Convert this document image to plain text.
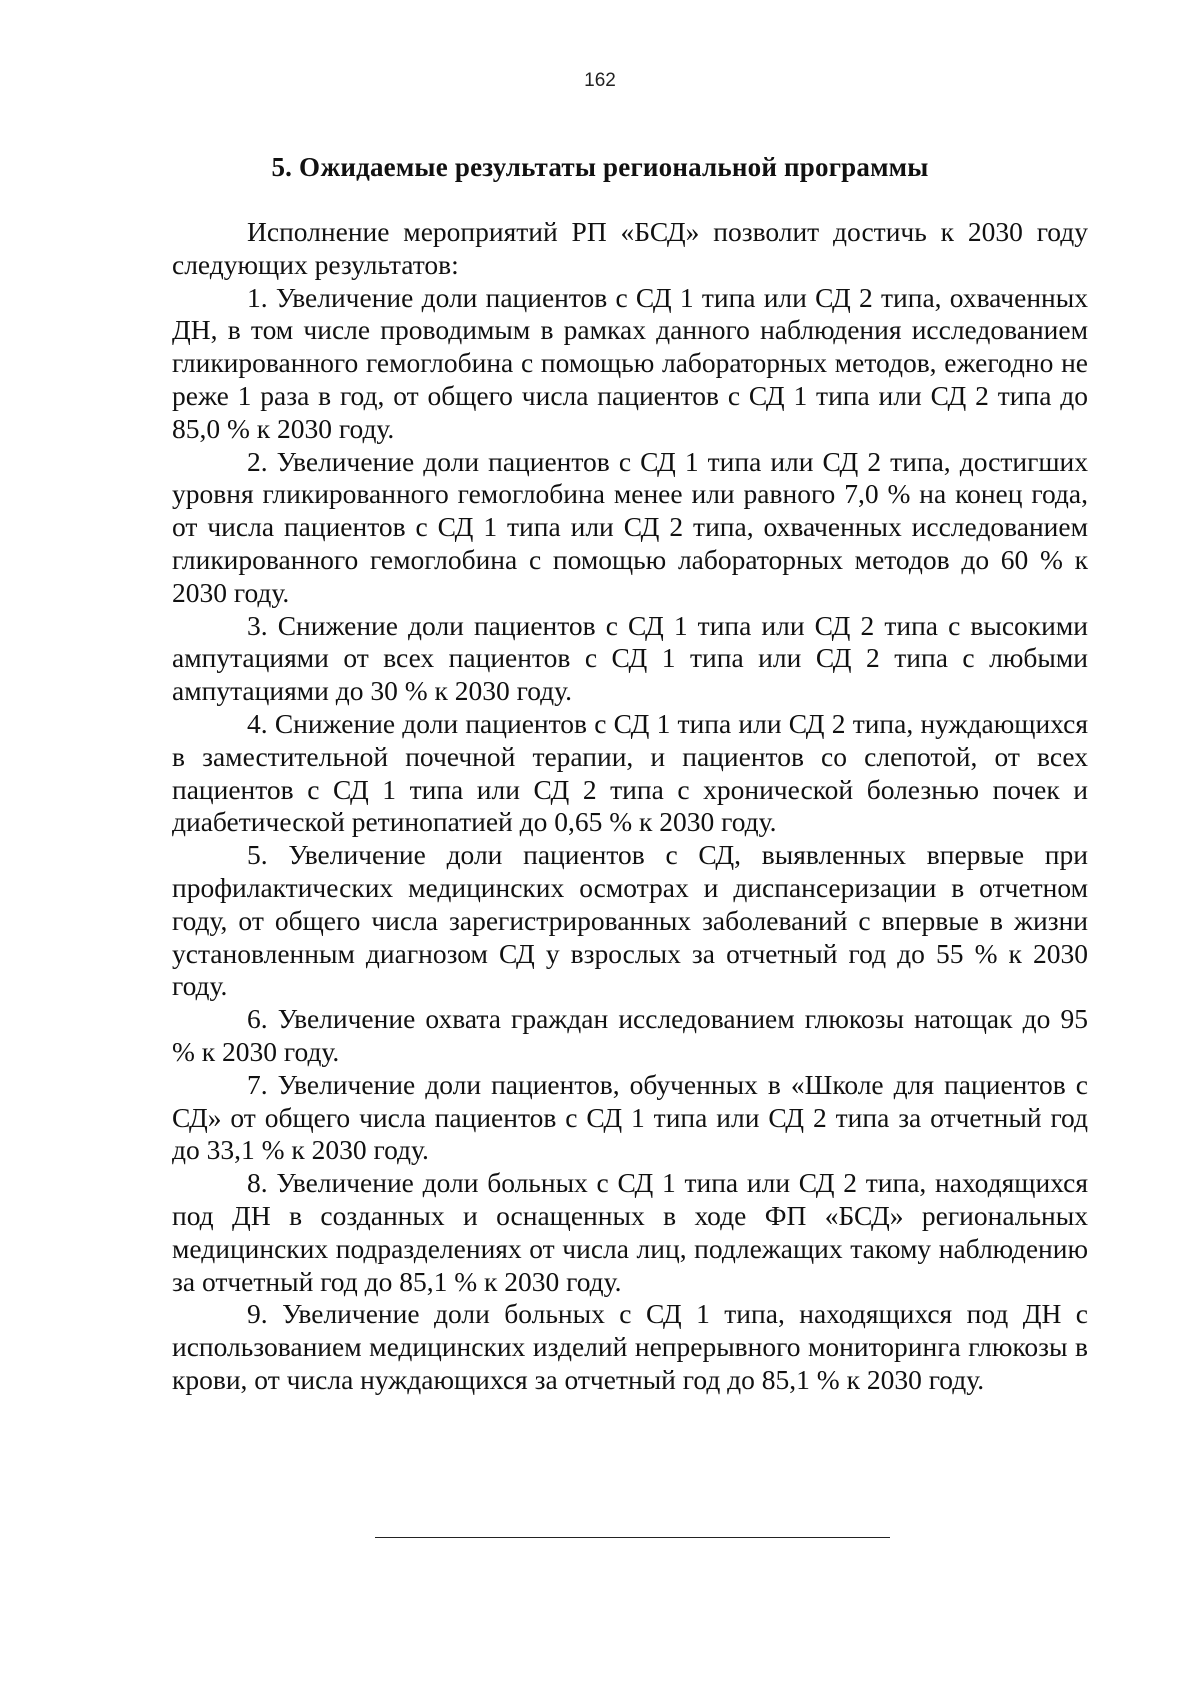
162
5. Ожидаемые результаты региональной программы

Исполнение мероприятий РП «БСД» позволит достичь к 2030 году следующих результатов:

1. Увеличение доли пациентов с СД 1 типа или СД 2 типа, охваченных ДН, в том числе проводимым в рамках данного наблюдения исследованием гликированного гемоглобина с помощью лабораторных методов, ежегодно не реже 1 раза в год, от общего числа пациентов с СД 1 типа или СД 2 типа до 85,0 % к 2030 году.

2. Увеличение доли пациентов с СД 1 типа или СД 2 типа, достигших уровня гликированного гемоглобина менее или равного 7,0 % на конец года, от числа пациентов с СД 1 типа или СД 2 типа, охваченных исследованием гликированного гемоглобина с помощью лабораторных методов до 60 % к 2030 году.

3. Снижение доли пациентов с СД 1 типа или СД 2 типа с высокими ампутациями от всех пациентов с СД 1 типа или СД 2 типа с любыми ампутациями до 30 % к 2030 году.

4. Снижение доли пациентов с СД 1 типа или СД 2 типа, нуждающихся в заместительной почечной терапии, и пациентов со слепотой, от всех пациентов с СД 1 типа или СД 2 типа с хронической болезнью почек и диабетической ретинопатией до 0,65 % к 2030 году.

5. Увеличение доли пациентов с СД, выявленных впервые при профилактических медицинских осмотрах и диспансеризации в отчетном году, от общего числа зарегистрированных заболеваний с впервые в жизни установленным диагнозом СД у взрослых за отчетный год до 55 % к 2030 году.

6. Увеличение охвата граждан исследованием глюкозы натощак до 95 % к 2030 году.

7. Увеличение доли пациентов, обученных в «Школе для пациентов с СД» от общего числа пациентов с СД 1 типа или СД 2 типа за отчетный год до 33,1 % к 2030 году.

8. Увеличение доли больных с СД 1 типа или СД 2 типа, находящихся под ДН в созданных и оснащенных в ходе ФП «БСД» региональных медицинских подразделениях от числа лиц, подлежащих такому наблюдению за отчетный год до 85,1 % к 2030 году.

9. Увеличение доли больных с СД 1 типа, находящихся под ДН с использованием медицинских изделий непрерывного мониторинга глюкозы в крови, от числа нуждающихся за отчетный год до 85,1 % к 2030 году.
